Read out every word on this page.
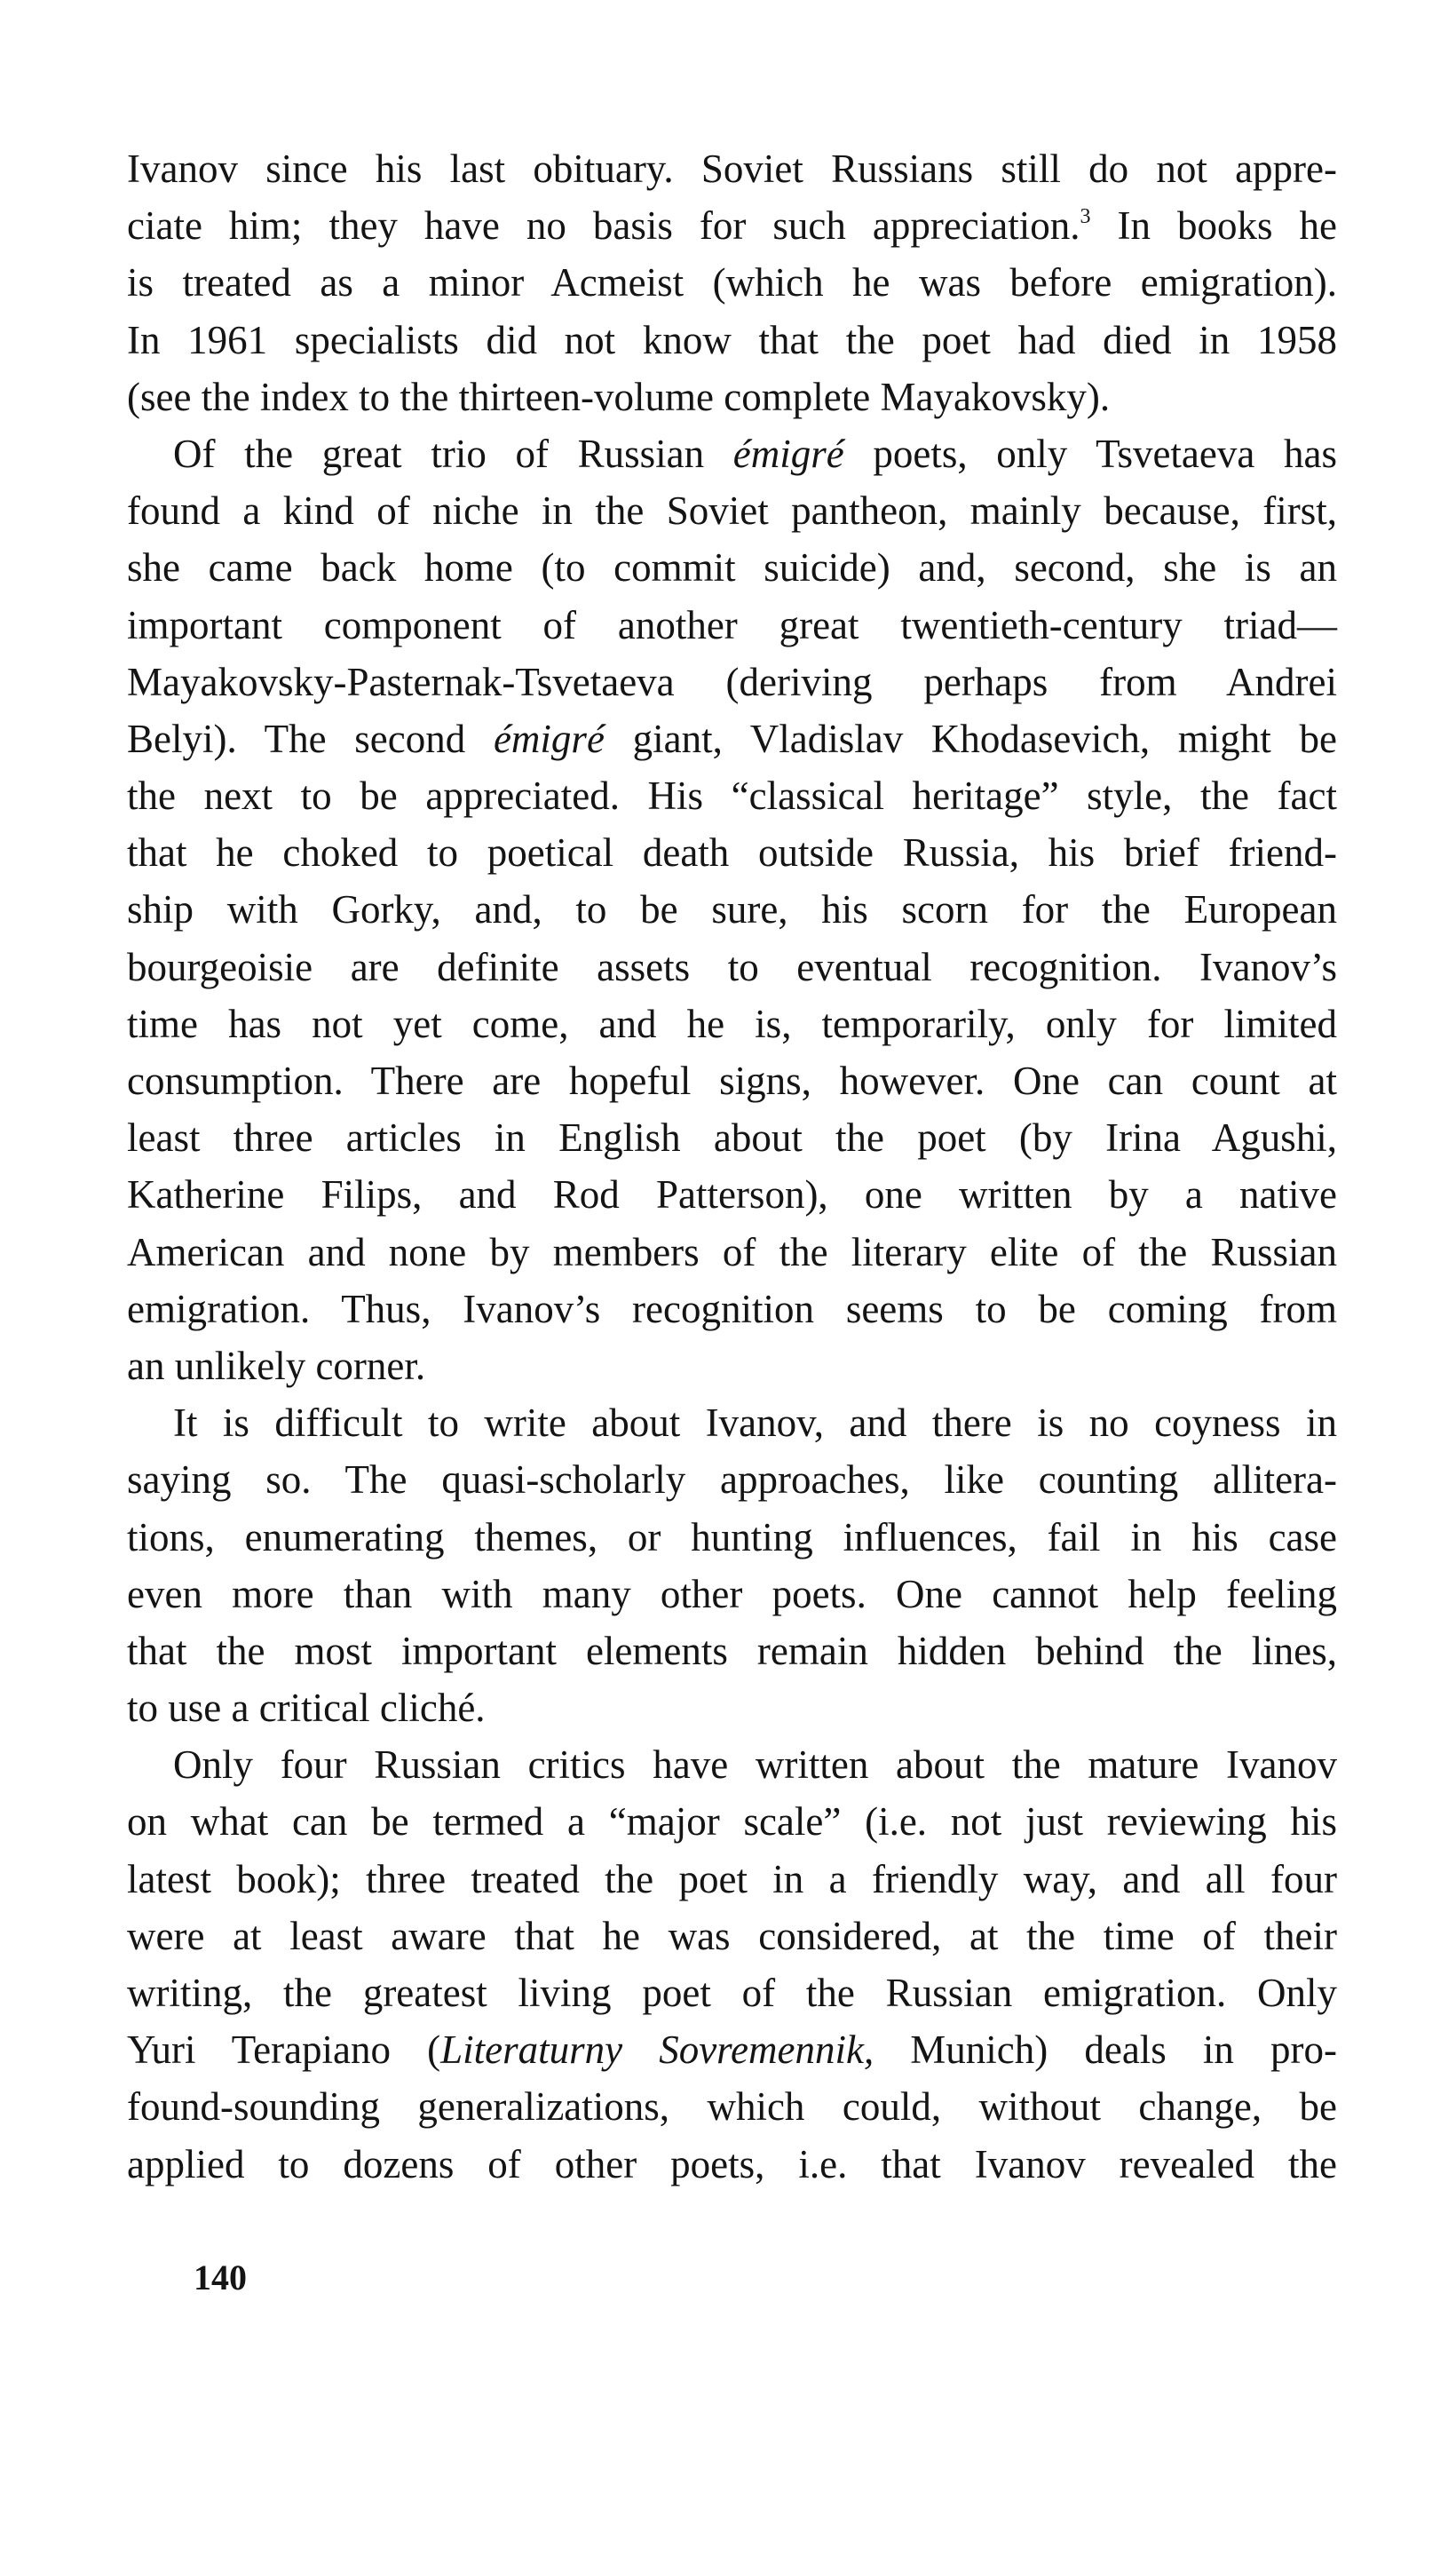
Ivanov since his last obituary. Soviet Russians still do not appre-
ciate him; they have no basis for such appreciation.$^3$ In books he
is treated as a minor Acmeist (which he was before emigration).
In 1961 specialists did not know that the poet had died in 1958
(see the index to the thirteen-volume complete Mayakovsky).
Of the great trio of Russian émigré poets, only Tsvetaeva has
found a kind of niche in the Soviet pantheon, mainly because, first,
she came back home (to commit suicide) and, second, she is an
important component of another great twentieth-century triad—
Mayakovsky-Pasternak-Tsvetaeva (deriving perhaps from Andrei
Belyi). The second émigré giant, Vladislav Khodasevich, might be
the next to be appreciated. His “classical heritage” style, the fact
that he choked to poetical death outside Russia, his brief friend-
ship with Gorky, and, to be sure, his scorn for the European
bourgeoisie are definite assets to eventual recognition. Ivanov’s
time has not yet come, and he is, temporarily, only for limited
consumption. There are hopeful signs, however. One can count at
least three articles in English about the poet (by Irina Agushi,
Katherine Filips, and Rod Patterson), one written by a native
American and none by members of the literary elite of the Russian
emigration. Thus, Ivanov’s recognition seems to be coming from
an unlikely corner.
It is difficult to write about Ivanov, and there is no coyness in
saying so. The quasi-scholarly approaches, like counting allitera-
tions, enumerating themes, or hunting influences, fail in his case
even more than with many other poets. One cannot help feeling
that the most important elements remain hidden behind the lines,
to use a critical cliché.
Only four Russian critics have written about the mature Ivanov
on what can be termed a “major scale” (i.e. not just reviewing his
latest book); three treated the poet in a friendly way, and all four
were at least aware that he was considered, at the time of their
writing, the greatest living poet of the Russian emigration. Only
Yuri Terapiano (Literaturny Sovremennik, Munich) deals in pro-
found-sounding generalizations, which could, without change, be
applied to dozens of other poets, i.e. that Ivanov revealed the
140
